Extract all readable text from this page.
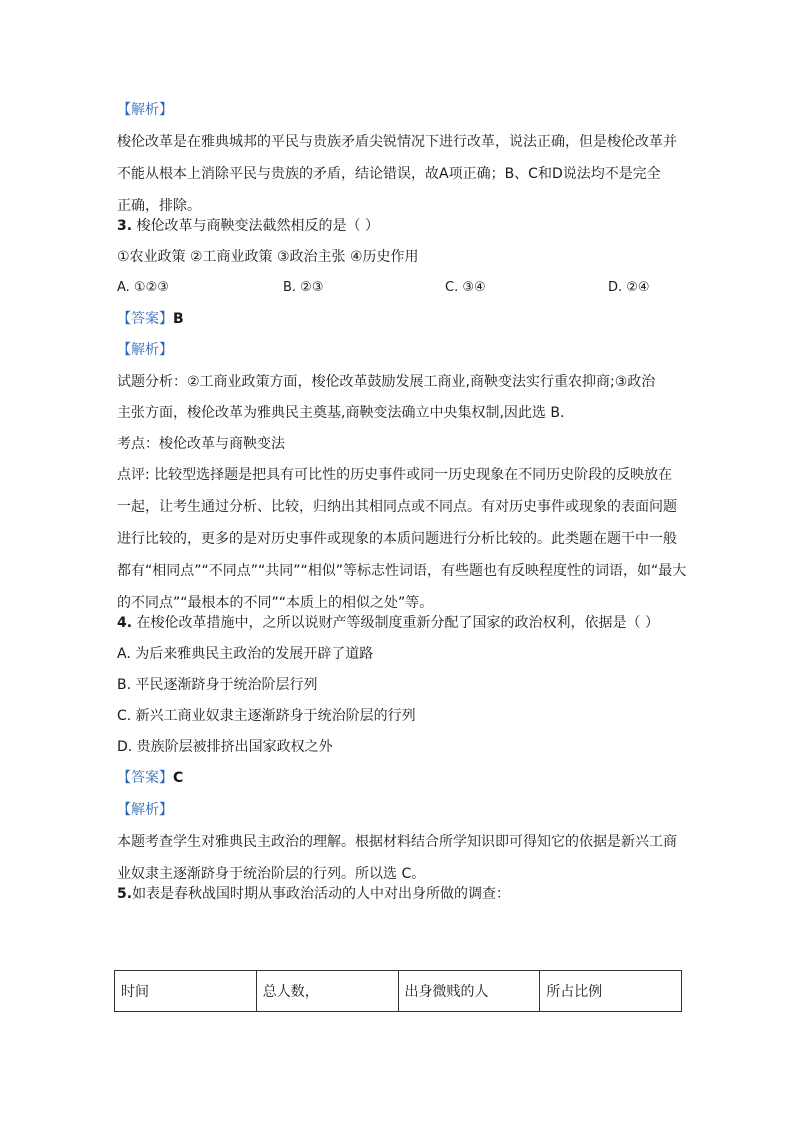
【解析】

梭伦改革是在雅典城邦的平民与贵族矛盾尖锐情况下进行改革，说法正确，但是梭伦改革并

不能从根本上消除平民与贵族的矛盾，结论错误，故A项正确；B、C和D说法均不是完全

正确，排除。

3. 梭伦改革与商鞅变法截然相反的是（ ）

①农业政策 ②工商业政策 ③政治主张 ④历史作用

A. ①②③	B. ②③	C. ③④	D. ②④

【答案】B

【解析】

试题分析：②工商业政策方面，梭伦改革鼓励发展工商业,商鞅变法实行重农抑商;③政治

主张方面，梭伦改革为雅典民主奠基,商鞅变法确立中央集权制,因此选 B.

考点：梭伦改革与商鞅变法

点评: 比较型选择题是把具有可比性的历史事件或同一历史现象在不同历史阶段的反映放在

一起，让考生通过分析、比较，归纳出其相同点或不同点。有对历史事件或现象的表面问题

进行比较的，更多的是对历史事件或现象的本质问题进行分析比较的。此类题在题干中一般

都有“相同点”“不同点”“共同”“相似”等标志性词语，有些题也有反映程度性的词语，如“最大

的不同点”“最根本的不同”“本质上的相似之处”等。

4. 在梭伦改革措施中，之所以说财产等级制度重新分配了国家的政治权利，依据是（ ）

A. 为后来雅典民主政治的发展开辟了道路

B. 平民逐渐跻身于统治阶层行列

C. 新兴工商业奴隶主逐渐跻身于统治阶层的行列

D. 贵族阶层被排挤出国家政权之外

【答案】C

【解析】

本题考查学生对雅典民主政治的理解。根据材料结合所学知识即可得知它的依据是新兴工商

业奴隶主逐渐跻身于统治阶层的行列。所以选 C。

5.如表是春秋战国时期从事政治活动的人中对出身所做的调查：

时间	总人数，	出身微贱的人	所占比例
